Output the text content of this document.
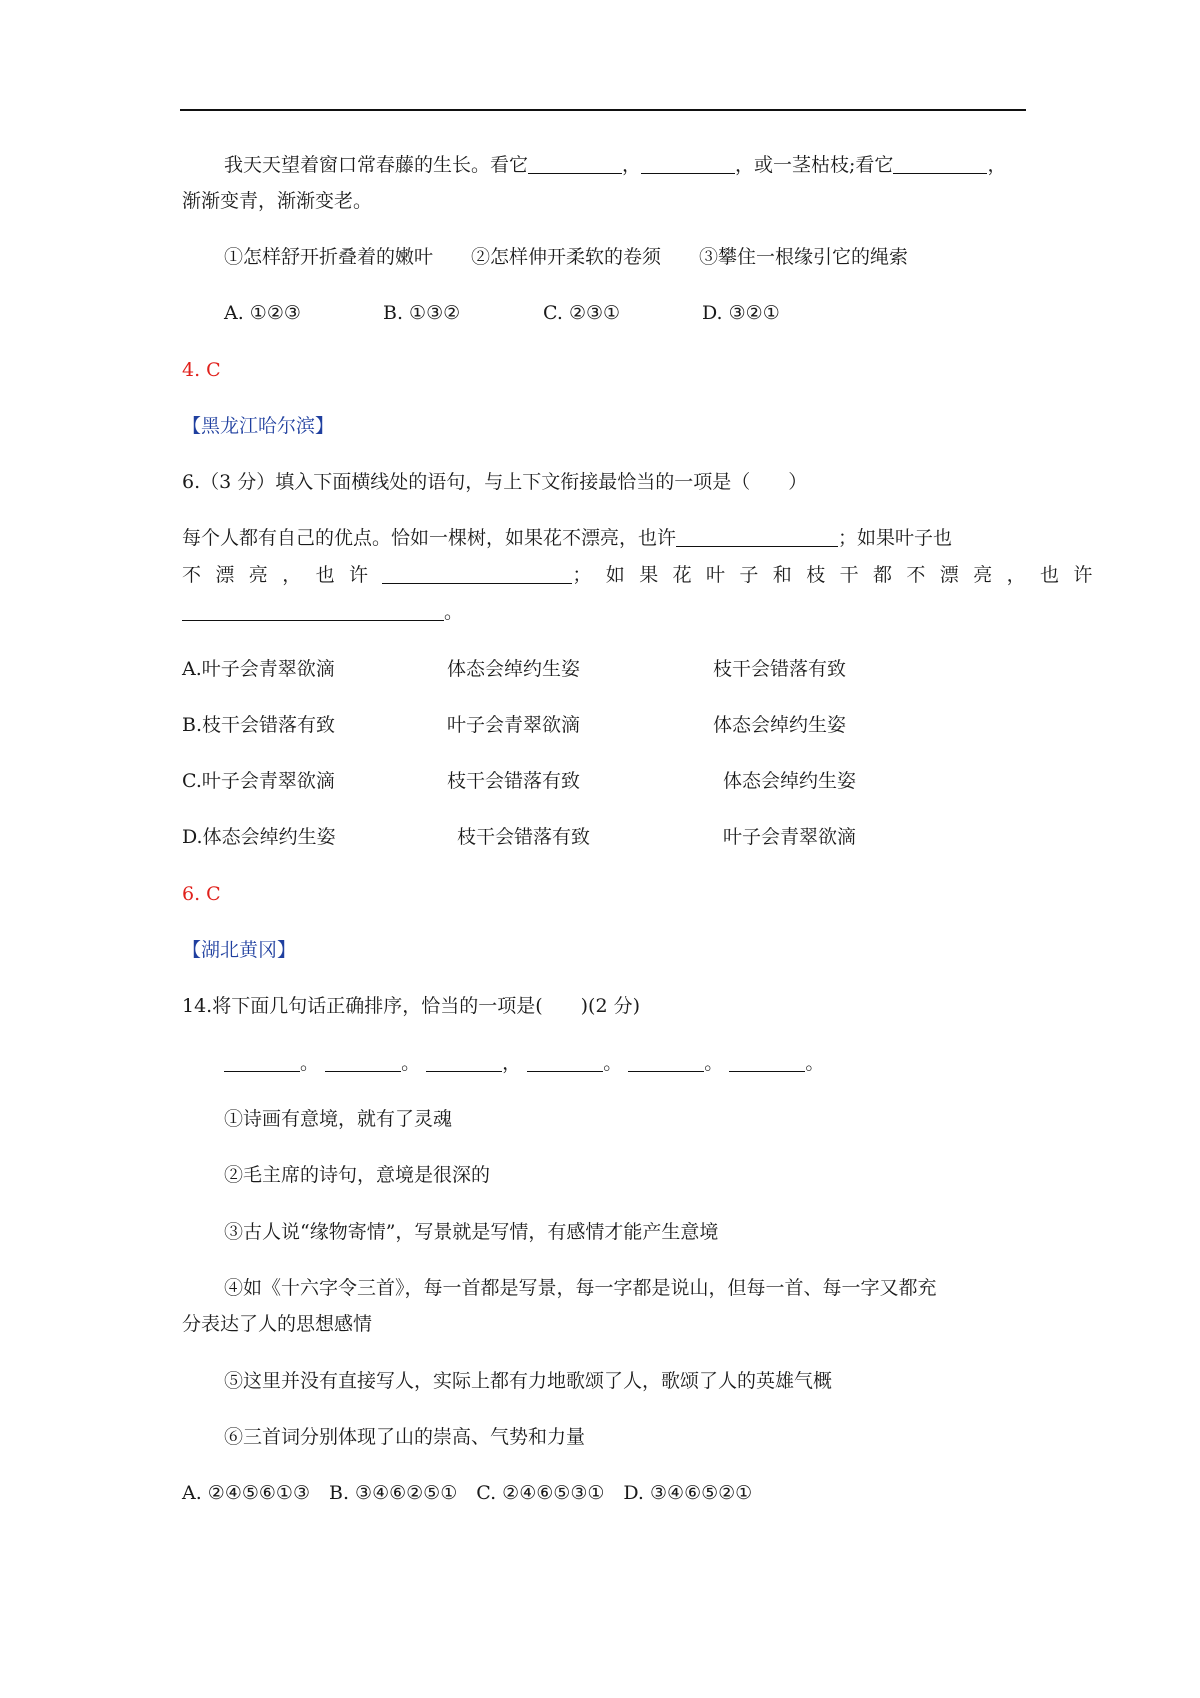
我天天望着窗口常春藤的生长。看它	，	，或一茎枯枝;看它	，
渐渐变青，渐渐变老。
①怎样舒开折叠着的嫩叶　　②怎样伸开柔软的卷须　　③攀住一根缘引它的绳索
A. ①②③	B. ①③②	C. ②③①	D. ③②①
4. C
【黑龙江哈尔滨】
6.（3 分）填入下面横线处的语句，与上下文衔接最恰当的一项是（　　）
每个人都有自己的优点。恰如一棵树，如果花不漂亮，也许	；如果叶子也
不漂亮，也许	；如果花叶子和枝干都不漂亮，也许
。
A.叶子会青翠欲滴	体态会绰约生姿	枝干会错落有致
B.枝干会错落有致	叶子会青翠欲滴	体态会绰约生姿
C.叶子会青翠欲滴	枝干会错落有致	体态会绰约生姿
D.体态会绰约生姿	枝干会错落有致	叶子会青翠欲滴
6. C
【湖北黄冈】
14.将下面几句话正确排序，恰当的一项是(　　)(2 分)
。	。	，	。	。	。
①诗画有意境，就有了灵魂
②毛主席的诗句，意境是很深的
③古人说“缘物寄情”，写景就是写情，有感情才能产生意境
④如《十六字令三首》，每一首都是写景，每一字都是说山，但每一首、每一字又都充
分表达了人的思想感情
⑤这里并没有直接写人，实际上都有力地歌颂了人，歌颂了人的英雄气概
⑥三首词分别体现了山的崇高、气势和力量
A. ②④⑤⑥①③　B. ③④⑥②⑤①　C. ②④⑥⑤③①　D. ③④⑥⑤②①
